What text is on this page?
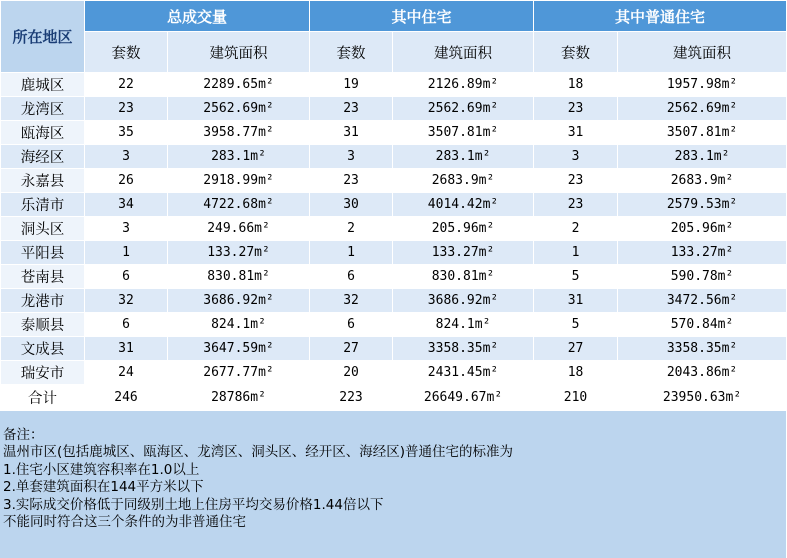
所在地区	总成交量		其中住宅		其中普通住宅	
	套数	建筑面积	套数	建筑面积	套数	建筑面积
鹿城区	22	2289.65m²	19	2126.89m²	18	1957.98m²
龙湾区	23	2562.69m²	23	2562.69m²	23	2562.69m²
瓯海区	35	3958.77m²	31	3507.81m²	31	3507.81m²
海经区	3	283.1m²	3	283.1m²	3	283.1m²
永嘉县	26	2918.99m²	23	2683.9m²	23	2683.9m²
乐清市	34	4722.68m²	30	4014.42m²	23	2579.53m²
洞头区	3	249.66m²	2	205.96m²	2	205.96m²
平阳县	1	133.27m²	1	133.27m²	1	133.27m²
苍南县	6	830.81m²	6	830.81m²	5	590.78m²
龙港市	32	3686.92m²	32	3686.92m²	31	3472.56m²
泰顺县	6	824.1m²	6	824.1m²	5	570.84m²
文成县	31	3647.59m²	27	3358.35m²	27	3358.35m²
瑞安市	24	2677.77m²	20	2431.45m²	18	2043.86m²
合计	246	28786m²	223	26649.67m²	210	23950.63m²
备注：
温州市区(包括鹿城区、瓯海区、龙湾区、洞头区、经开区、海经区)普通住宅的标准为
1.住宅小区建筑容积率在1.0以上
2.单套建筑面积在144平方米以下
3.实际成交价格低于同级别土地上住房平均交易价格1.44倍以下
不能同时符合这三个条件的为非普通住宅
